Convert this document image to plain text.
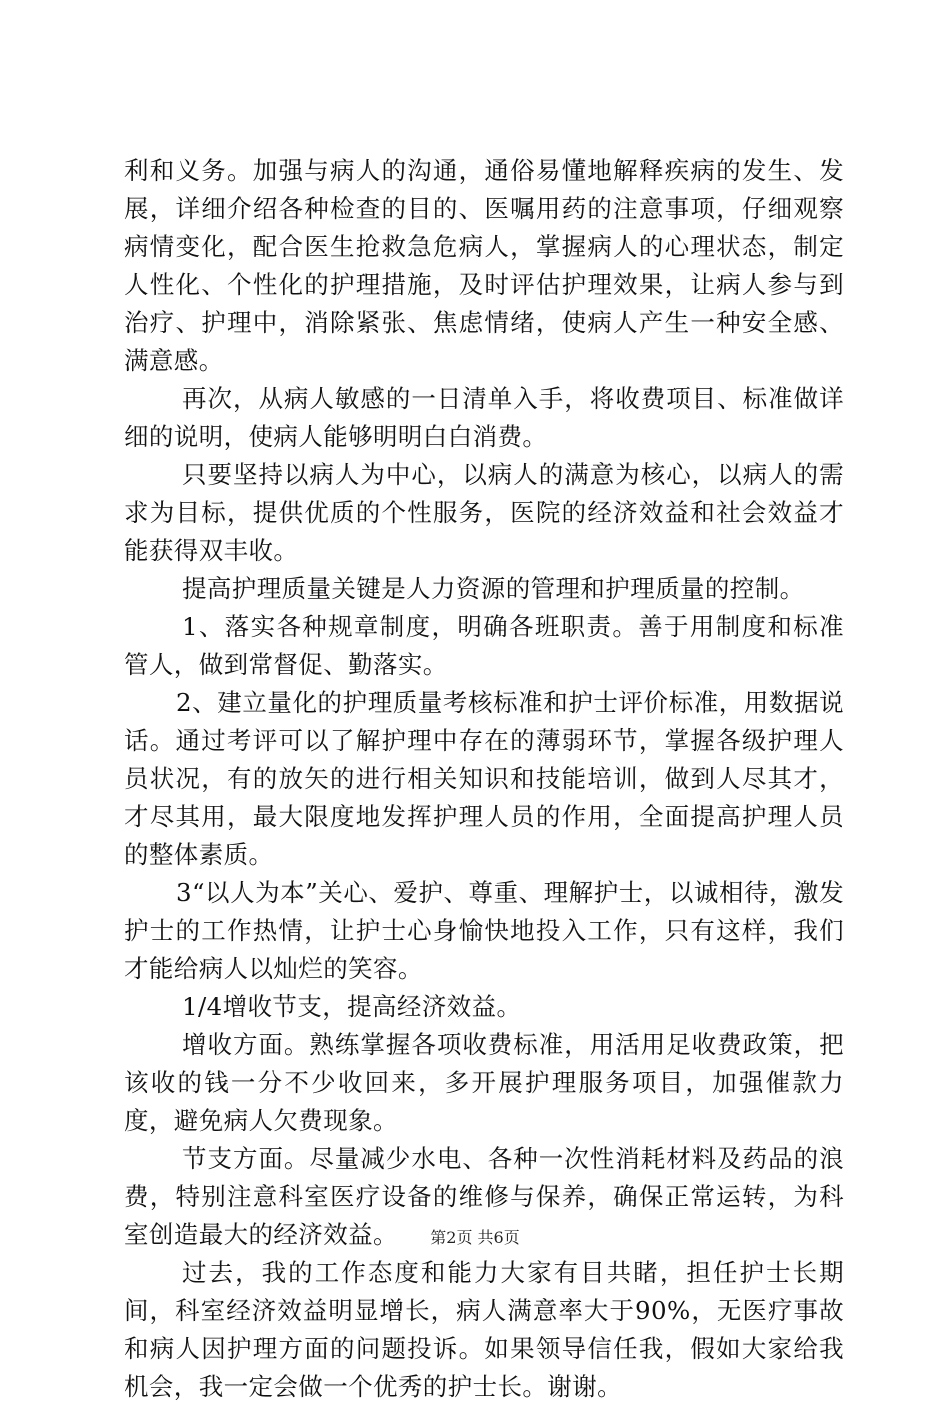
利和义务。加强与病人的沟通，通俗易懂地解释疾病的发生、发展，详细介绍各种检查的目的、医嘱用药的注意事项，仔细观察病情变化，配合医生抢救急危病人，掌握病人的心理状态，制定人性化、个性化的护理措施，及时评估护理效果，让病人参与到治疗、护理中，消除紧张、焦虑情绪，使病人产生一种安全感、满意感。

再次，从病人敏感的一日清单入手，将收费项目、标准做详细的说明，使病人能够明明白白消费。

只要坚持以病人为中心，以病人的满意为核心，以病人的需求为目标，提供优质的个性服务，医院的经济效益和社会效益才能获得双丰收。

提高护理质量关键是人力资源的管理和护理质量的控制。

1、落实各种规章制度，明确各班职责。善于用制度和标准管人，做到常督促、勤落实。

2、建立量化的护理质量考核标准和护士评价标准，用数据说话。通过考评可以了解护理中存在的薄弱环节，掌握各级护理人员状况，有的放矢的进行相关知识和技能培训，做到人尽其才，才尽其用，最大限度地发挥护理人员的作用，全面提高护理人员的整体素质。

3“以人为本”关心、爱护、尊重、理解护士，以诚相待，激发护士的工作热情，让护士心身愉快地投入工作，只有这样，我们才能给病人以灿烂的笑容。

1/4增收节支，提高经济效益。

增收方面。熟练掌握各项收费标准，用活用足收费政策，把该收的钱一分不少收回来，多开展护理服务项目，加强催款力度，避免病人欠费现象。

节支方面。尽量减少水电、各种一次性消耗材料及药品的浪费，特别注意科室医疗设备的维修与保养，确保正常运转，为科室创造最大的经济效益。

过去，我的工作态度和能力大家有目共睹，担任护士长期间，科室经济效益明显增长，病人满意率大于90%，无医疗事故和病人因护理方面的问题投诉。如果领导信任我，假如大家给我机会，我一定会做一个优秀的护士长。谢谢。

第2页 共6页
